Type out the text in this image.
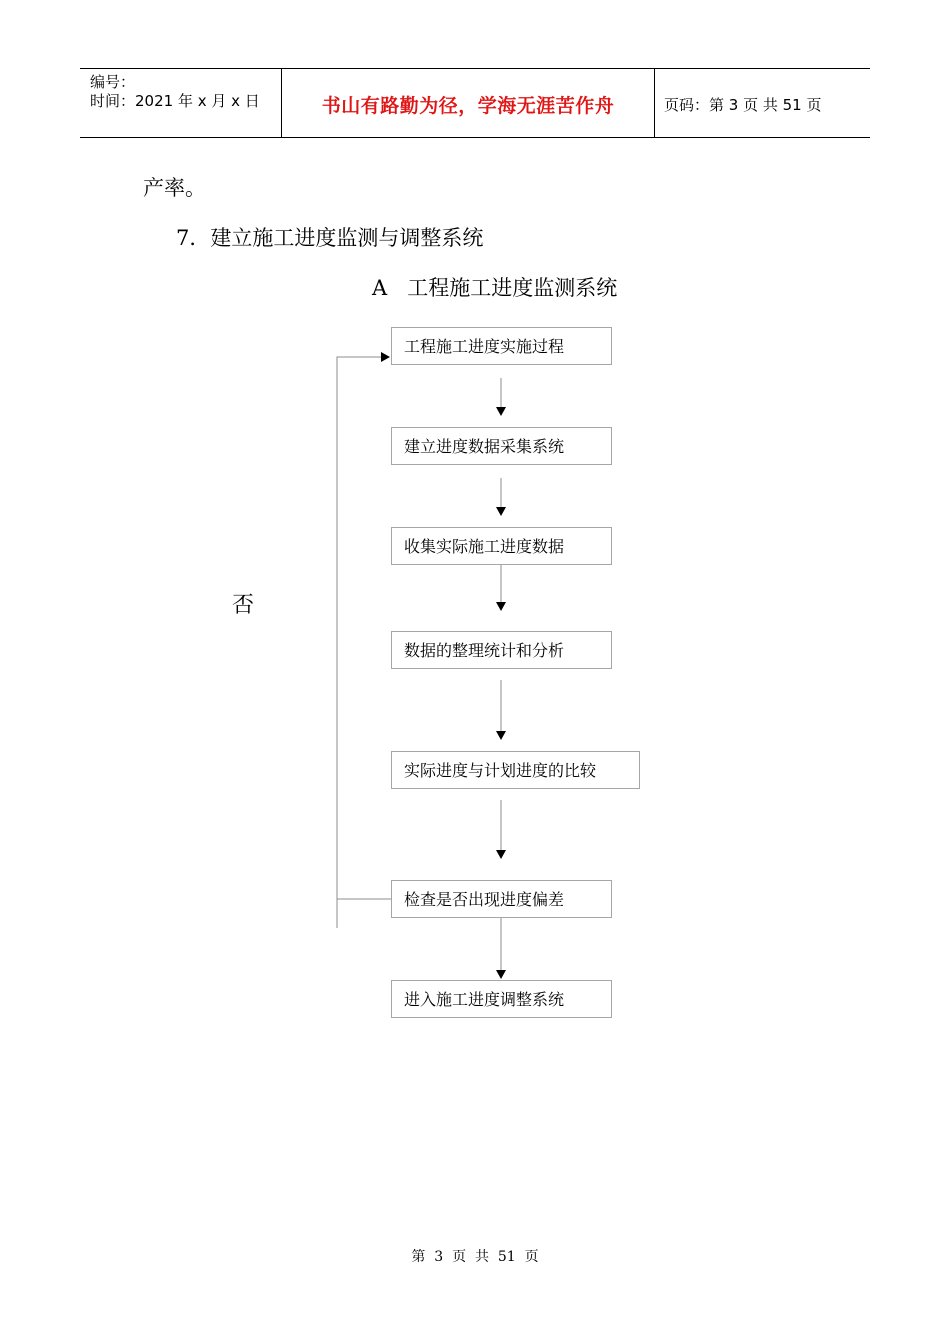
编号：
时间：2021 年 x 月 x 日	书山有路勤为径，学海无涯苦作舟	页码：第 3 页 共 51 页
产率。
7．建立施工进度监测与调整系统
A   工程施工进度监测系统
工程施工进度实施过程
建立进度数据采集系统
收集实际施工进度数据
数据的整理统计和分析
实际进度与计划进度的比较
检查是否出现进度偏差
进入施工进度调整系统
否
第  3  页  共  51  页
